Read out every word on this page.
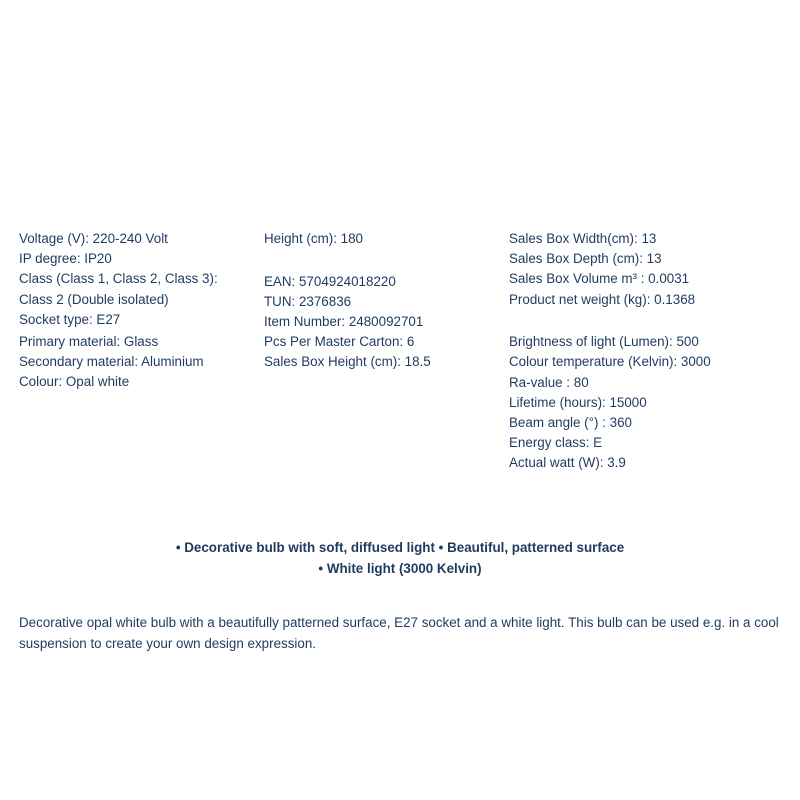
Voltage (V): 220-240 Volt
IP degree: IP20
Class (Class 1, Class 2, Class 3):
Class 2 (Double isolated)
Socket type: E27
Primary material: Glass
Secondary material: Aluminium
Colour: Opal white
Height (cm): 180
EAN: 5704924018220
TUN: 2376836
Item Number: 2480092701
Pcs Per Master Carton: 6
Sales Box Height (cm): 18.5
Sales Box Width(cm): 13
Sales Box Depth (cm): 13
Sales Box Volume m³ : 0.0031
Product net weight (kg): 0.1368
Brightness of light (Lumen): 500
Colour temperature (Kelvin): 3000
Ra-value : 80
Lifetime (hours): 15000
Beam angle (°) : 360
Energy class: E
Actual watt (W): 3.9
• Decorative bulb with soft, diffused light • Beautiful, patterned surface
• White light (3000 Kelvin)
Decorative opal white bulb with a beautifully patterned surface, E27 socket and a white light. This bulb can be used e.g. in a cool suspension to create your own design expression.
